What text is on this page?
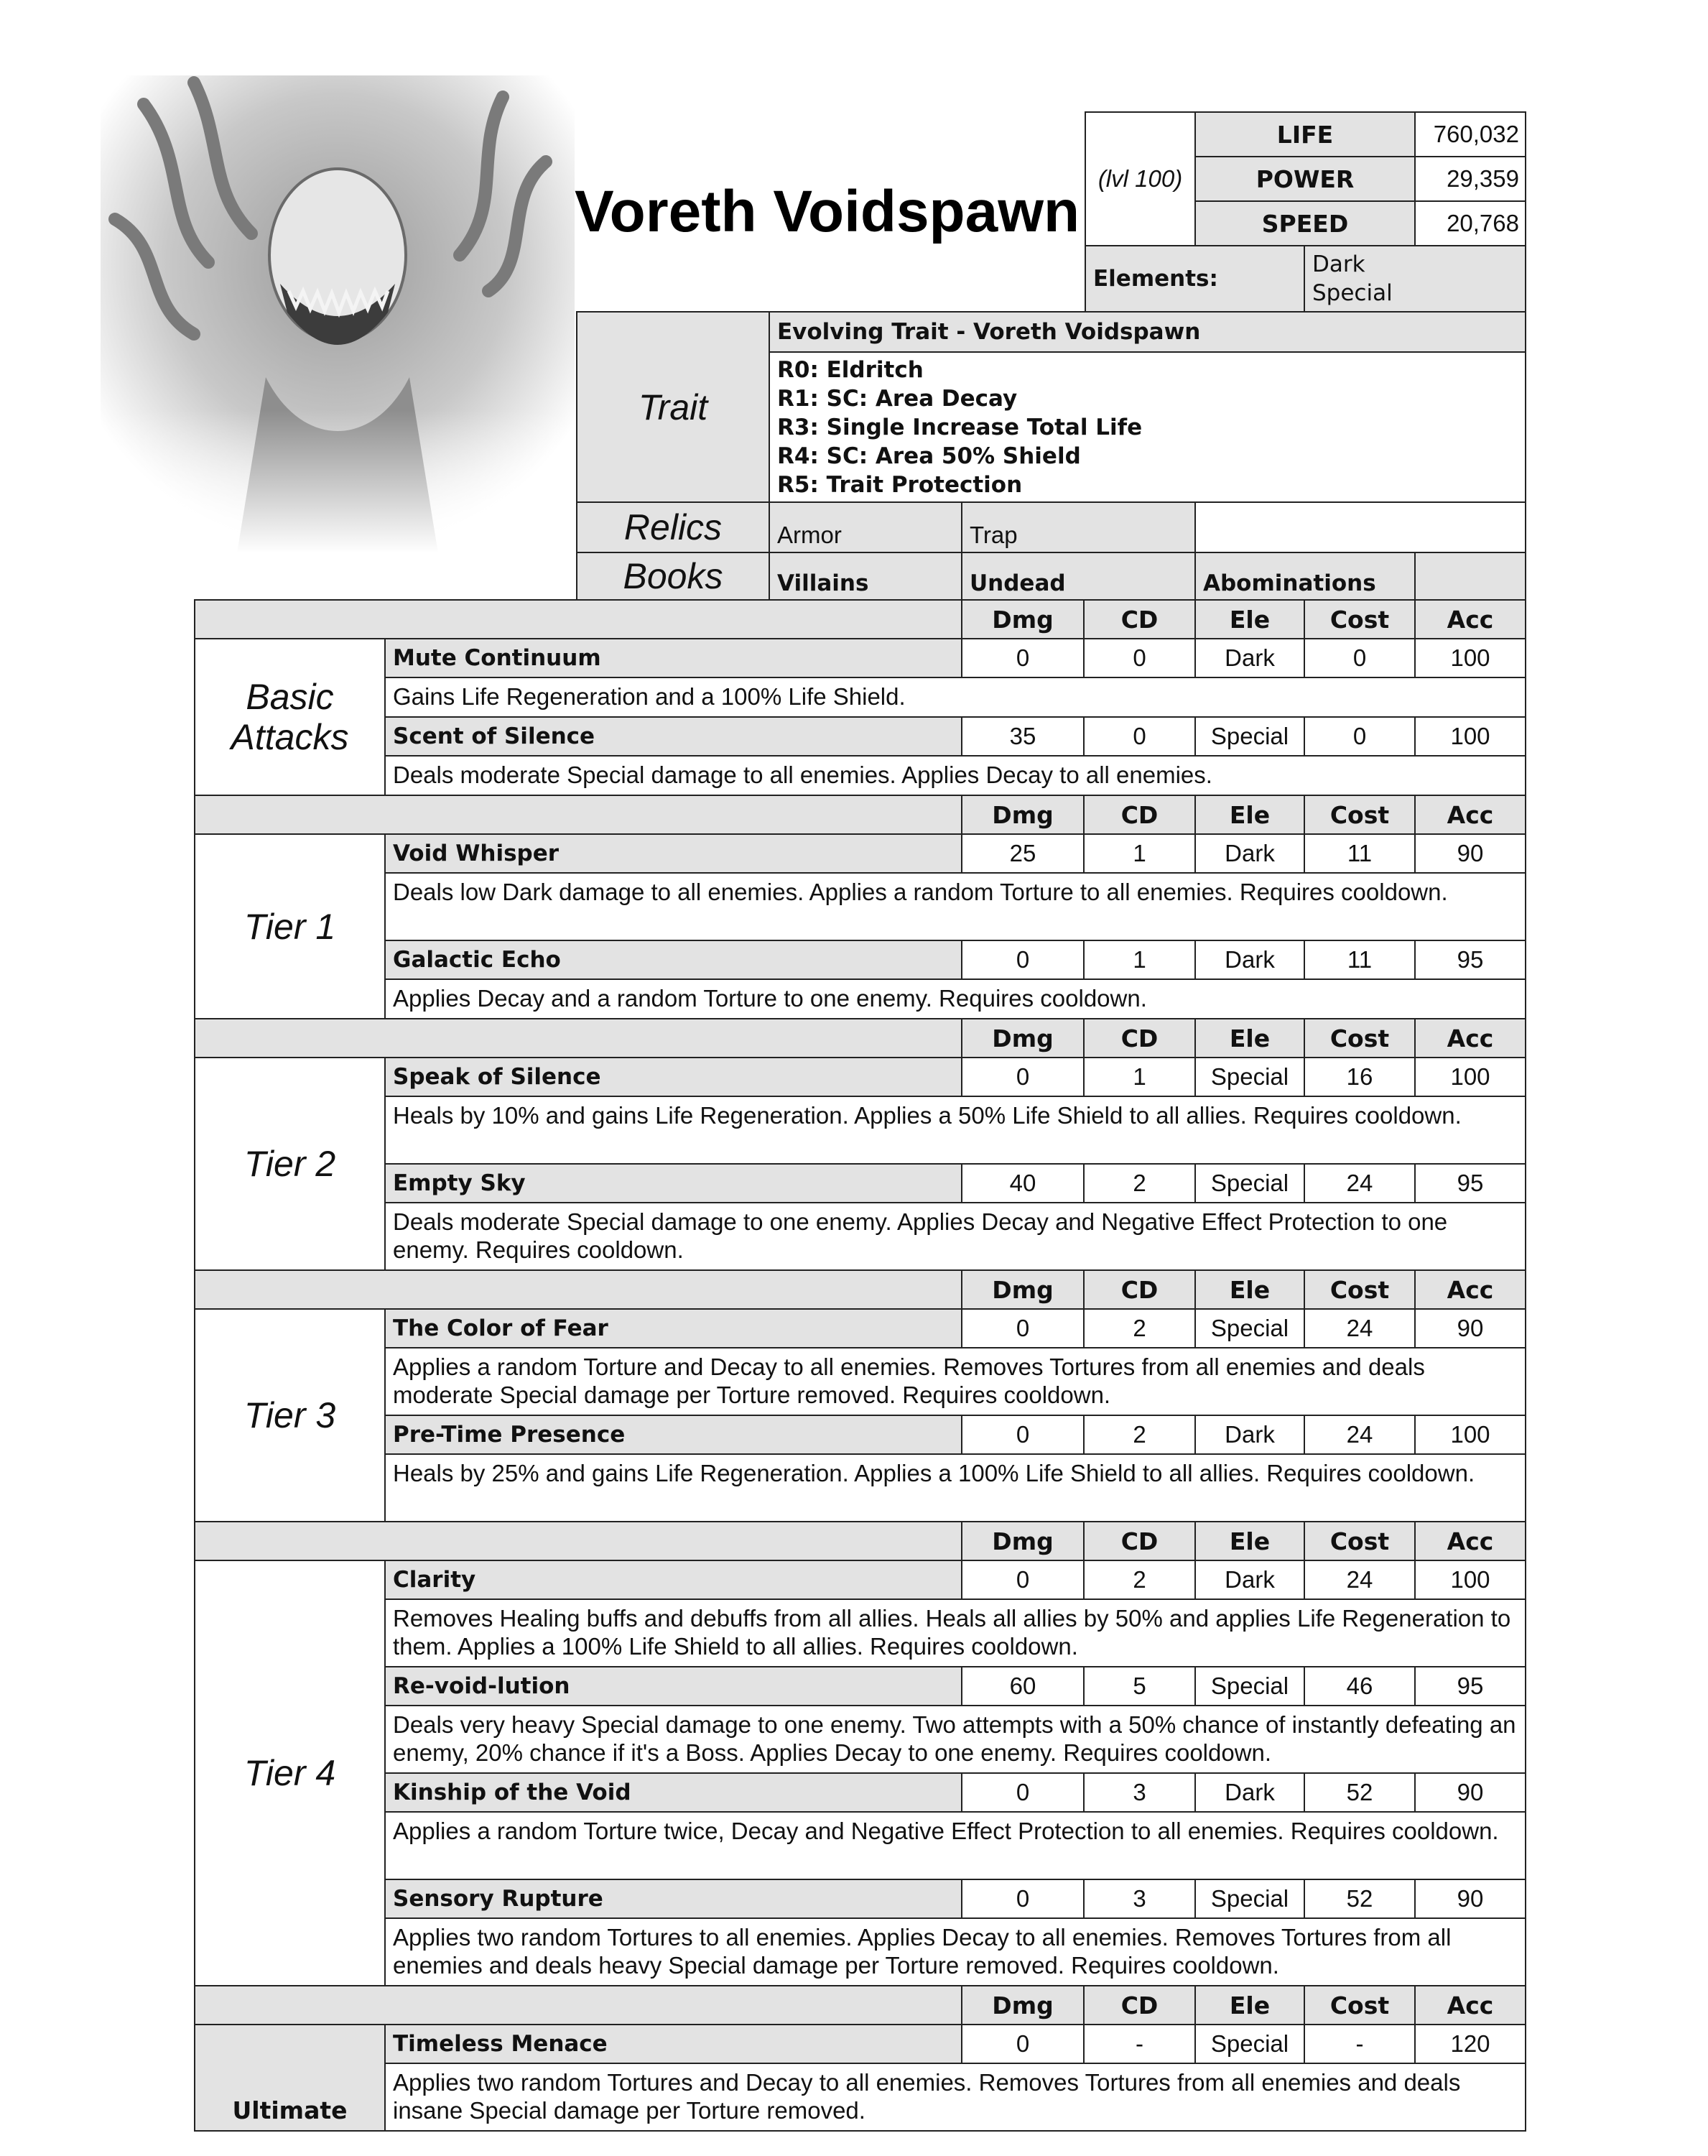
Voreth Voidspawn
(lvl 100)
LIFE	760,032
POWER	29,359
SPEED	20,768
Elements:
Dark
Special
Trait
Evolving Trait - Voreth Voidspawn
R0: Eldritch
R1: SC: Area Decay
R3: Single Increase Total Life
R4: SC: Area 50% Shield
R5: Trait Protection
Relics	Armor	Trap
Books	Villains	Undead	Abominations
Dmg	CD	Ele	Cost	Acc
Mute Continuum	0	0	Dark	0	100
Gains Life Regeneration and a 100% Life Shield.
Scent of Silence	35	0	Special	0	100
Deals moderate Special damage to all enemies. Applies Decay to all enemies.
Basic Attacks
Dmg	CD	Ele	Cost	Acc
Void Whisper	25	1	Dark	11	90
Deals low Dark damage to all enemies. Applies a random Torture to all enemies. Requires cooldown.
Galactic Echo	0	1	Dark	11	95
Applies Decay and a random Torture to one enemy. Requires cooldown.
Tier 1
Dmg	CD	Ele	Cost	Acc
Speak of Silence	0	1	Special	16	100
Heals by 10% and gains Life Regeneration. Applies a 50% Life Shield to all allies. Requires cooldown.
Empty Sky	40	2	Special	24	95
Deals moderate Special damage to one enemy. Applies Decay and Negative Effect Protection to one enemy. Requires cooldown.
Tier 2
Dmg	CD	Ele	Cost	Acc
The Color of Fear	0	2	Special	24	90
Applies a random Torture and Decay to all enemies. Removes Tortures from all enemies and deals moderate Special damage per Torture removed. Requires cooldown.
Pre-Time Presence	0	2	Dark	24	100
Heals by 25% and gains Life Regeneration. Applies a 100% Life Shield to all allies. Requires cooldown.
Tier 3
Dmg	CD	Ele	Cost	Acc
Clarity	0	2	Dark	24	100
Removes Healing buffs and debuffs from all allies. Heals all allies by 50% and applies Life Regeneration to them. Applies a 100% Life Shield to all allies. Requires cooldown.
Re-void-lution	60	5	Special	46	95
Deals very heavy Special damage to one enemy. Two attempts with a 50% chance of instantly defeating an enemy, 20% chance if it's a Boss. Applies Decay to one enemy. Requires cooldown.
Kinship of the Void	0	3	Dark	52	90
Applies a random Torture twice, Decay and Negative Effect Protection to all enemies. Requires cooldown.
Sensory Rupture	0	3	Special	52	90
Applies two random Tortures to all enemies. Applies Decay to all enemies. Removes Tortures from all enemies and deals heavy Special damage per Torture removed. Requires cooldown.
Tier 4
Dmg	CD	Ele	Cost	Acc
Timeless Menace	0	-	Special	-	120
Applies two random Tortures and Decay to all enemies. Removes Tortures from all enemies and deals insane Special damage per Torture removed.
Ultimate
